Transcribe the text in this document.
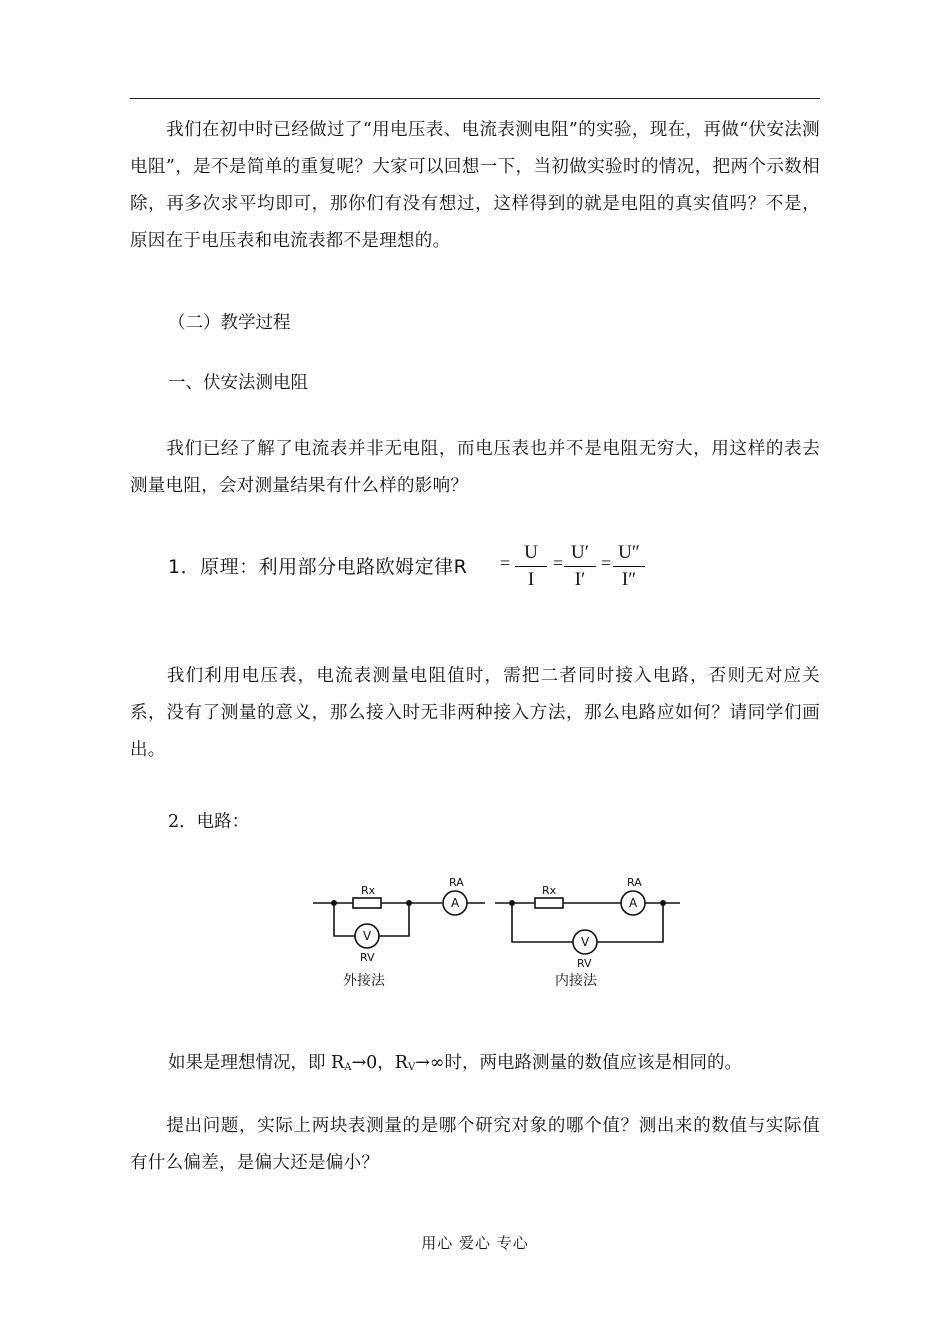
我们在初中时已经做过了“用电压表、电流表测电阻”的实验，现在，再做“伏安法测电阻”，是不是简单的重复呢？大家可以回想一下，当初做实验时的情况，把两个示数相除，再多次求平均即可，那你们有没有想过，这样得到的就是电阻的真实值吗？不是，原因在于电压表和电流表都不是理想的。
（二）教学过程
一、伏安法测电阻
我们已经了解了电流表并非无电阻，而电压表也并不是电阻无穷大，用这样的表去测量电阻，会对测量结果有什么样的影响？
1．原理：利用部分电路欧姆定律R = U
I
= U′
I′
= U″
I″
我们利用电压表，电流表测量电阻值时，需把二者同时接入电路，否则无对应关系，没有了测量的意义，那么接入时无非两种接入方法，那么电路应如何？请同学们画出。
2．电路：
Rx
RA
A
V
RV
外接法
Rx
RA
A
V
RV
内接法
如果是理想情况，即 $R_A\to 0$，$R_V\to\infty$时，两电路测量的数值应该是相同的。
提出问题，实际上两块表测量的是哪个研究对象的哪个值？测出来的数值与实际值有什么偏差，是偏大还是偏小？
用心 爱心 专心
